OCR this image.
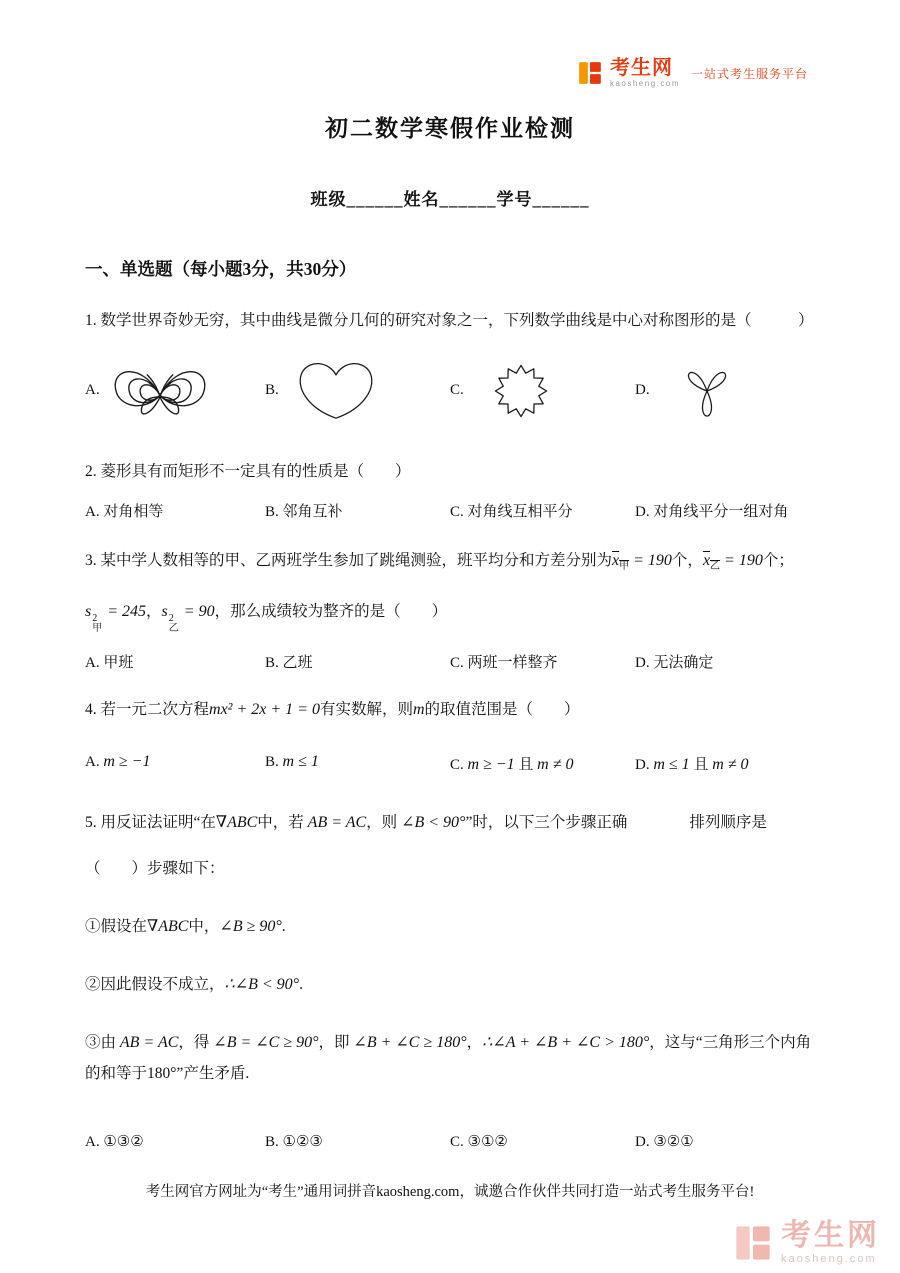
考生网
kaosheng.com
一站式考生服务平台
初二数学寒假作业检测
班级______姓名______学号______
一、单选题（每小题3分，共30分）

1. 数学世界奇妙无穷，其中曲线是微分几何的研究对象之一，下列数学曲线是中心对称图形的是（　　　）

A.	B.	C.	D.

2. 菱形具有而矩形不一定具有的性质是（　　）

A. 对角相等	B. 邻角互补	C. 对角线互相平分	D. 对角线平分一组对角

3. 某中学人数相等的甲、乙两班学生参加了跳绳测验，班平均分和方差分别为$x_甲 = 190$个，$x_乙 = 190$个；

s 2
甲
= 245，s 2
乙
= 90，那么成绩较为整齐的是（　　）

A. 甲班	B. 乙班	C. 两班一样整齐	D. 无法确定

4. 若一元二次方程mx² + 2x + 1 = 0有实数解，则m的取值范围是（　　）

A. m ≥ −1	B. m ≤ 1	C. m ≥ −1 且 m ≠ 0	D. m ≤ 1 且 m ≠ 0

5. 用反证法证明“在∇ABC中，若 AB = AC，则 ∠B < 90°”时，以下三个步骤正确　　　　排列顺序是

（　　）步骤如下：

①假设在∇ABC中，∠B ≥ 90°.

②因此假设不成立，∴∠B < 90°.

③由 AB = AC，得 ∠B = ∠C ≥ 90°，即 ∠B + ∠C ≥ 180°，∴∠A + ∠B + ∠C > 180°，这与“三角形三个内角的和等于180°”产生矛盾.

A. ①③②	B. ①②③	C. ③①②	D. ③②①
考生网官方网址为“考生”通用词拼音kaosheng.com，诚邀合作伙伴共同打造一站式考生服务平台!
考生网
kaosheng.com
